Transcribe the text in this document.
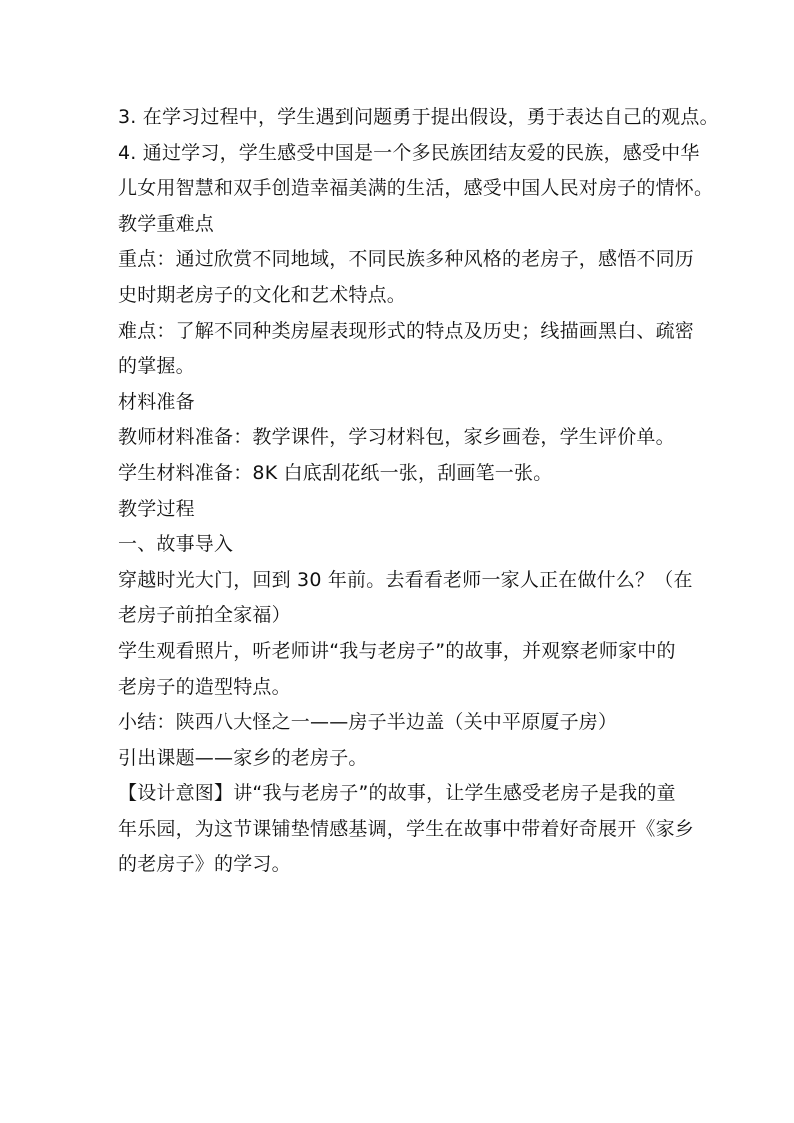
3. 在学习过程中，学生遇到问题勇于提出假设，勇于表达自己的观点。
4. 通过学习，学生感受中国是一个多民族团结友爱的民族，感受中华
儿女用智慧和双手创造幸福美满的生活，感受中国人民对房子的情怀。
教学重难点
重点：通过欣赏不同地域，不同民族多种风格的老房子，感悟不同历
史时期老房子的文化和艺术特点。
难点：了解不同种类房屋表现形式的特点及历史；线描画黑白、疏密
的掌握。
材料准备
教师材料准备：教学课件，学习材料包，家乡画卷，学生评价单。
学生材料准备：8K 白底刮花纸一张，刮画笔一张。
教学过程
一、故事导入
穿越时光大门，回到 30 年前。去看看老师一家人正在做什么？（在
老房子前拍全家福）
学生观看照片，听老师讲“我与老房子”的故事，并观察老师家中的
老房子的造型特点。
小结：陕西八大怪之一——房子半边盖（关中平原厦子房）
引出课题——家乡的老房子。
【设计意图】讲“我与老房子”的故事，让学生感受老房子是我的童
年乐园，为这节课铺垫情感基调，学生在故事中带着好奇展开《家乡
的老房子》的学习。
